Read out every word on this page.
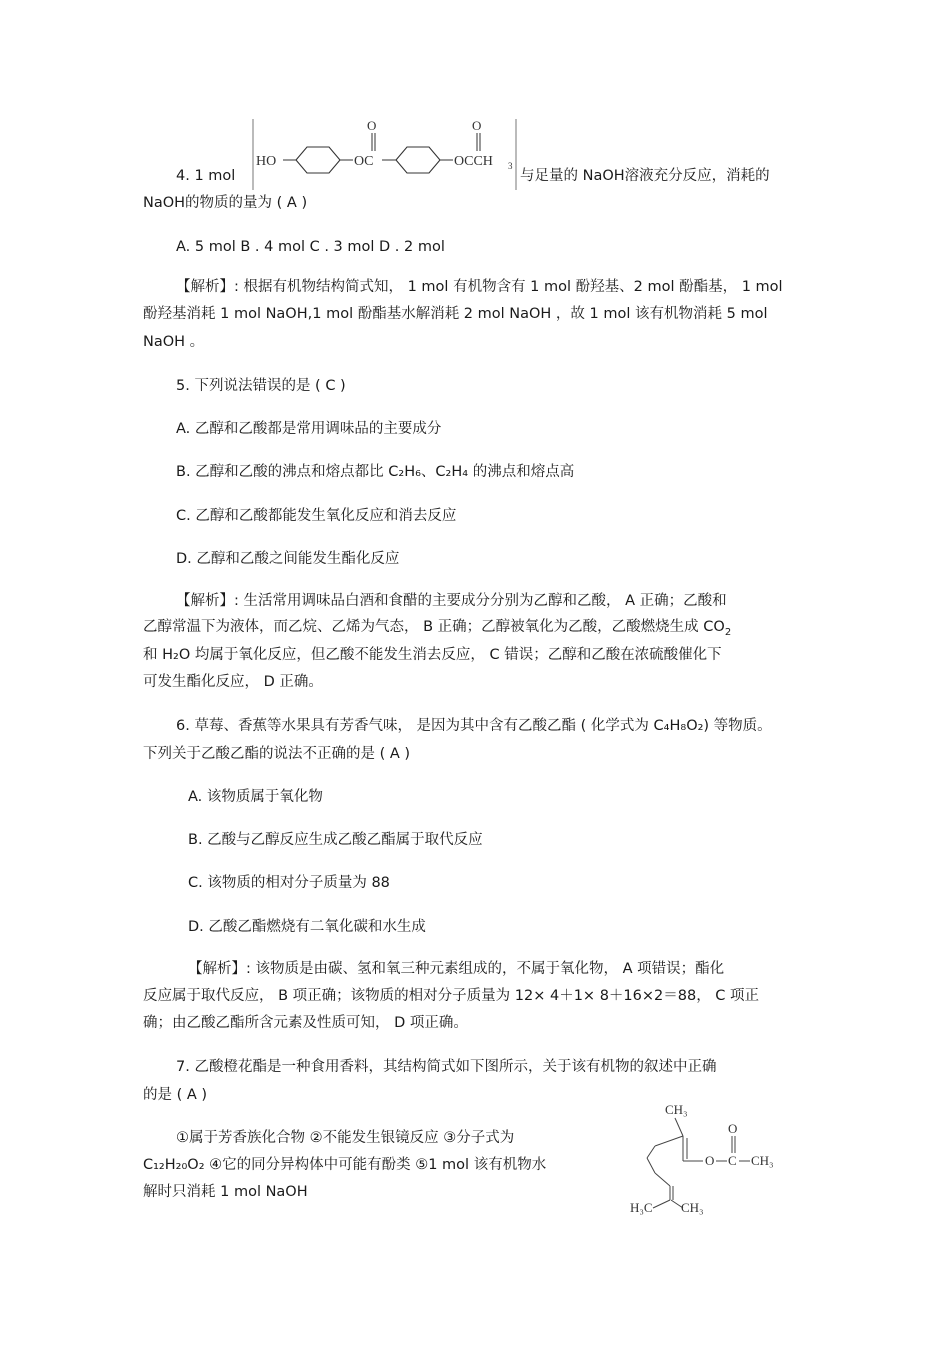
4. 1 mol
HO	OC
O
OCCH 3
O
与足量的 NaOH溶液充分反应，消耗的
NaOH的物质的量为 ( A )
A. 5 mol B . 4 mol C . 3 mol D . 2 mol
【解析】: 根据有机物结构简式知， 1 mol 有机物含有 1 mol 酚羟基、2 mol 酚酯基， 1 mol
酚羟基消耗 1 mol NaOH,1 mol 酚酯基水解消耗 2 mol NaOH ，故 1 mol 该有机物消耗 5 mol
NaOH 。
5. 下列说法错误的是 ( C )
A. 乙醇和乙酸都是常用调味品的主要成分
B. 乙醇和乙酸的沸点和熔点都比 C₂H₆、C₂H₄ 的沸点和熔点高
C. 乙醇和乙酸都能发生氧化反应和消去反应
D. 乙醇和乙酸之间能发生酯化反应
【解析】: 生活常用调味品白酒和食醋的主要成分分别为乙醇和乙酸， A 正确；乙酸和
乙醇常温下为液体，而乙烷、乙烯为气态， B 正确；乙醇被氧化为乙酸，乙酸燃烧生成 $CO_2$
和 H₂O 均属于氧化反应，但乙酸不能发生消去反应， C 错误；乙醇和乙酸在浓硫酸催化下
可发生酯化反应， D 正确。
6. 草莓、香蕉等水果具有芳香气味， 是因为其中含有乙酸乙酯 ( 化学式为 C₄H₈O₂) 等物质。
下列关于乙酸乙酯的说法不正确的是 ( A )
A. 该物质属于氧化物
B. 乙酸与乙醇反应生成乙酸乙酯属于取代反应
C. 该物质的相对分子质量为 88
D. 乙酸乙酯燃烧有二氧化碳和水生成
【解析】: 该物质是由碳、氢和氧三种元素组成的，不属于氧化物， A 项错误；酯化
反应属于取代反应， B 项正确；该物质的相对分子质量为 12× 4＋1× 8＋16×2＝88， C 项正
确；由乙酸乙酯所含元素及性质可知， D 项正确。
7. 乙酸橙花酯是一种食用香料，其结构简式如下图所示，关于该有机物的叙述中正确
的是 ( A )
①属于芳香族化合物 ②不能发生银镜反应 ③分子式为
C₁₂H₂₀O₂ ④它的同分异构体中可能有酚类 ⑤1 mol 该有机物水
解时只消耗 1 mol NaOH
CH₃
O C
O
CH₃
H₃C CH₃
